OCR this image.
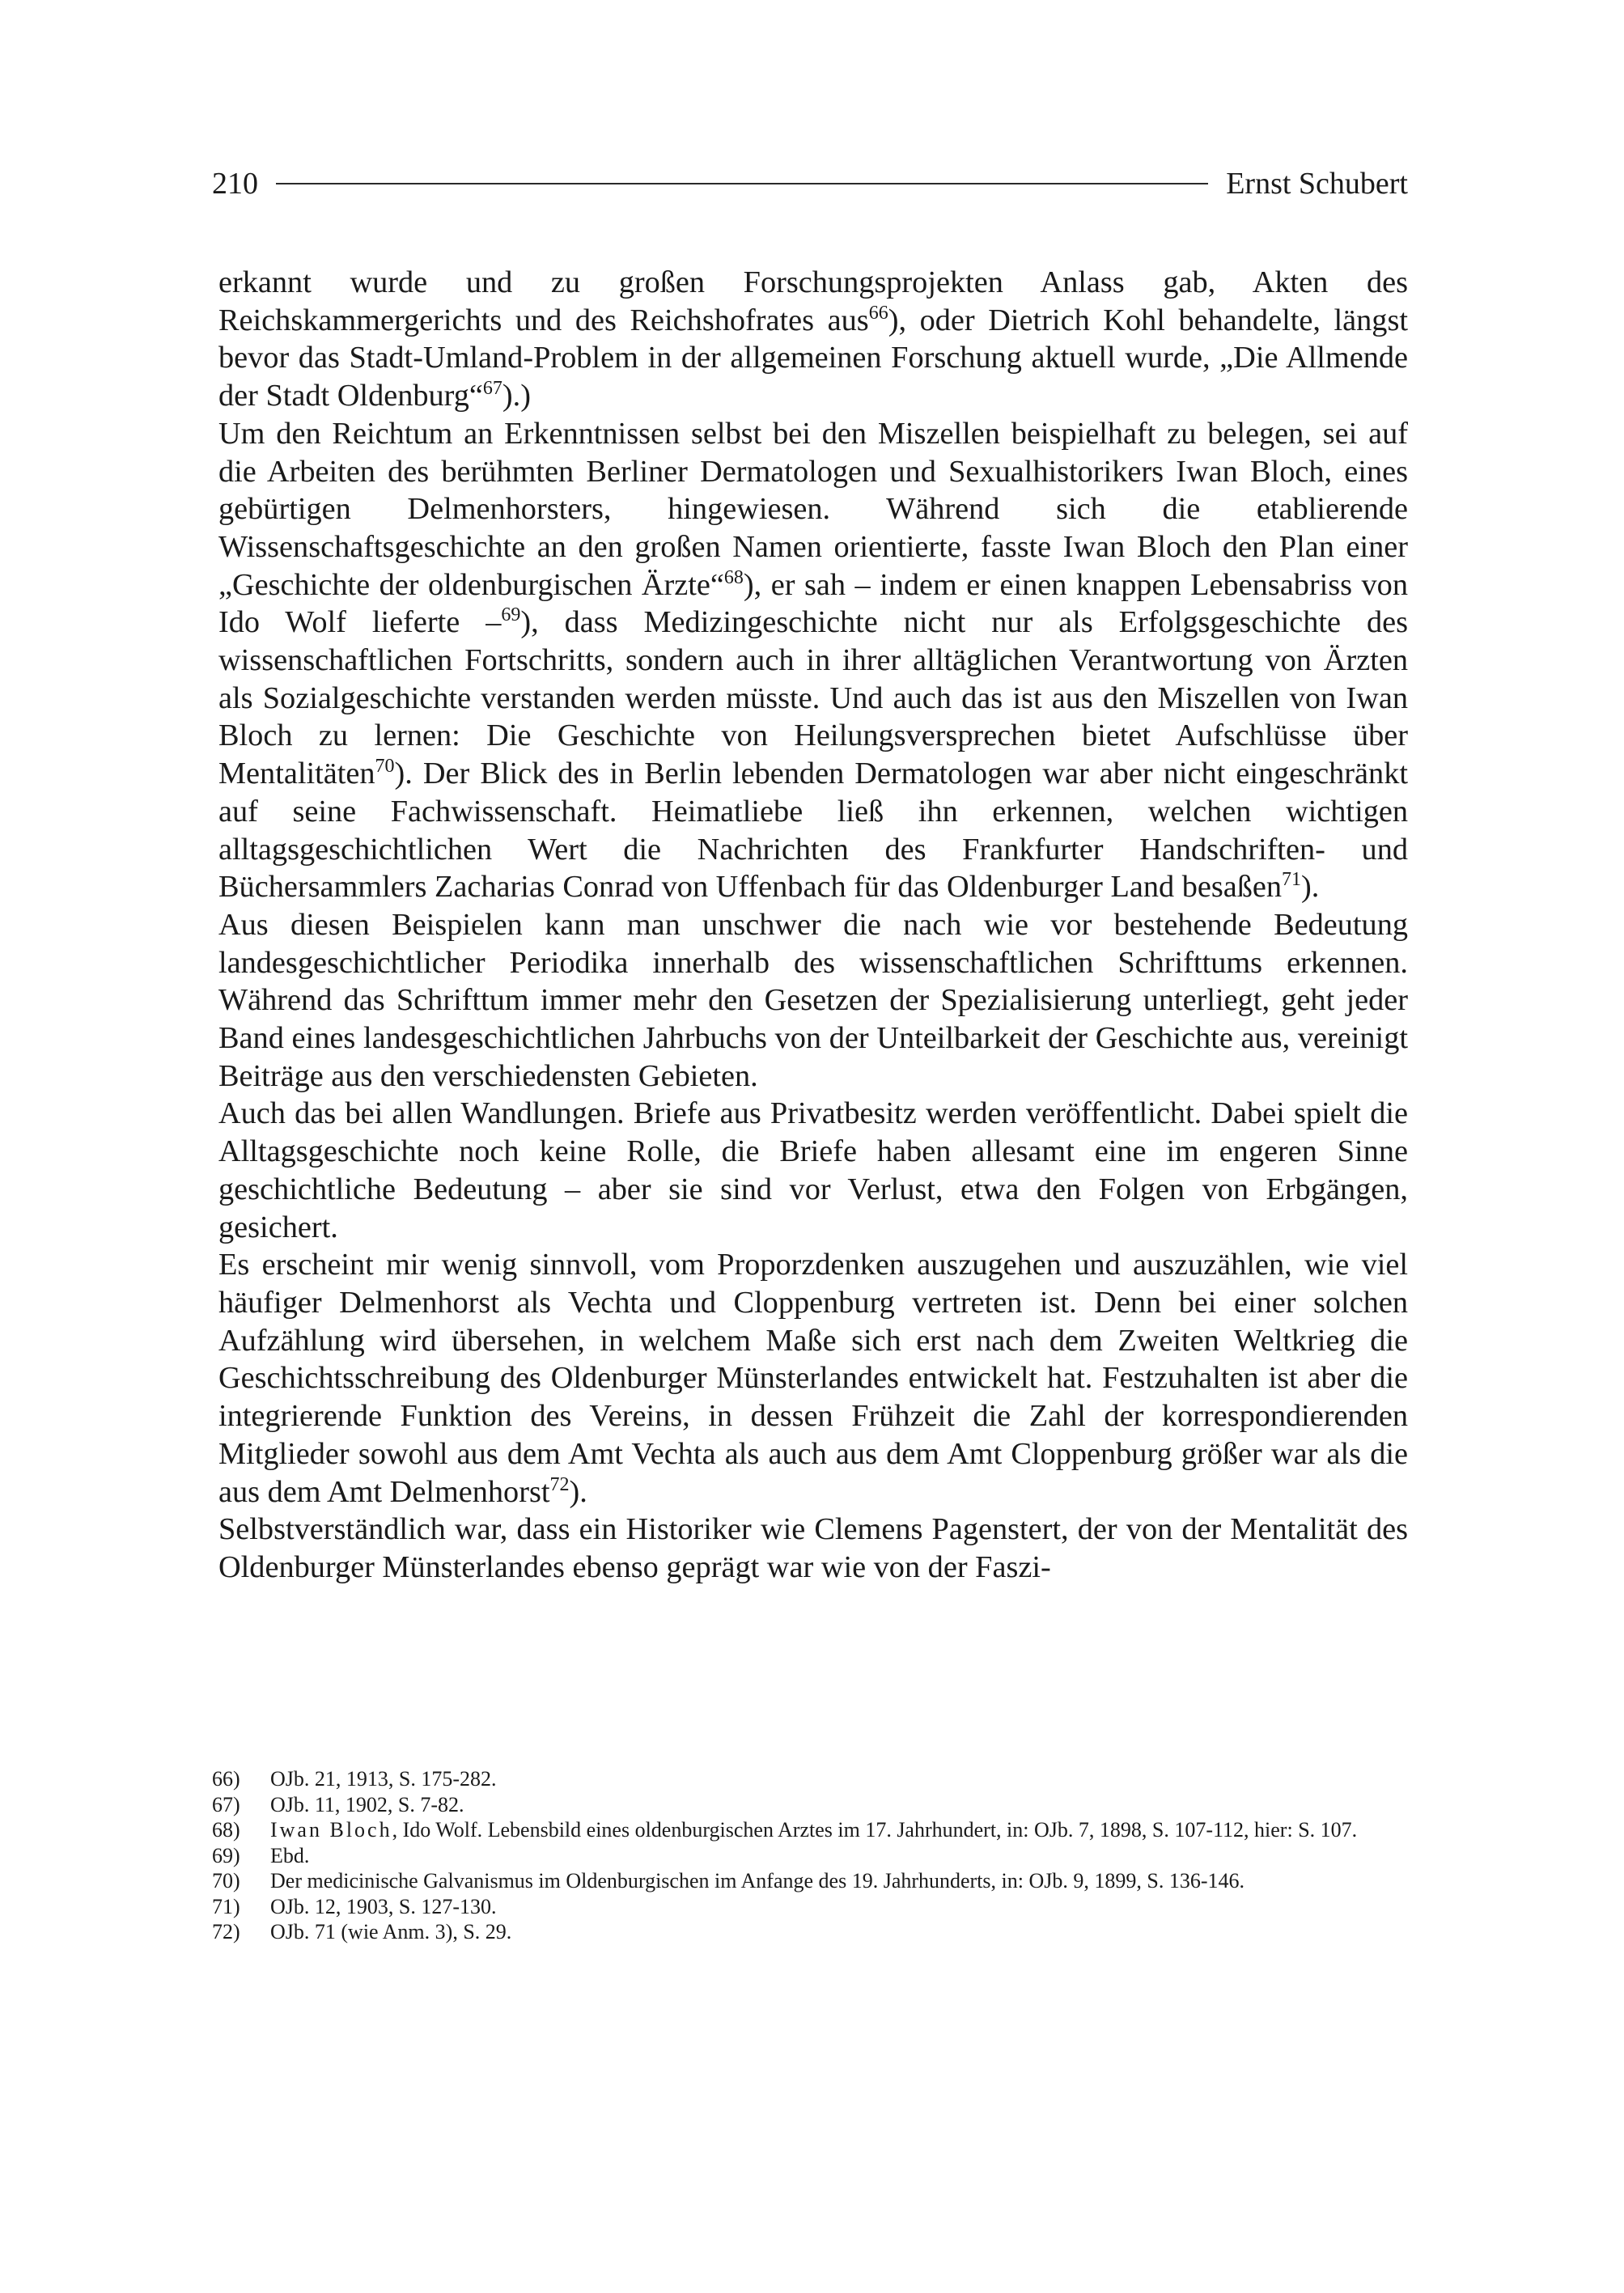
210	Ernst Schubert

erkannt wurde und zu großen Forschungsprojekten Anlass gab, Akten des Reichskammergerichts und des Reichshofrates aus$^{66}$), oder Dietrich Kohl behandelte, längst bevor das Stadt-Umland-Problem in der allgemeinen Forschung aktuell wurde, „Die Allmende der Stadt Oldenburg“$^{67}$).)

Um den Reichtum an Erkenntnissen selbst bei den Miszellen beispielhaft zu belegen, sei auf die Arbeiten des berühmten Berliner Dermatologen und Sexualhistorikers Iwan Bloch, eines gebürtigen Delmenhorsters, hingewiesen. Während sich die etablierende Wissenschaftsgeschichte an den großen Namen orientierte, fasste Iwan Bloch den Plan einer „Geschichte der oldenburgischen Ärzte“$^{68}$), er sah – indem er einen knappen Lebensabriss von Ido Wolf lieferte –$^{69}$), dass Medizingeschichte nicht nur als Erfolgsgeschichte des wissenschaftlichen Fortschritts, sondern auch in ihrer alltäglichen Verantwortung von Ärzten als Sozialgeschichte verstanden werden müsste. Und auch das ist aus den Miszellen von Iwan Bloch zu lernen: Die Geschichte von Heilungsversprechen bietet Aufschlüsse über Mentalitäten$^{70}$). Der Blick des in Berlin lebenden Dermatologen war aber nicht eingeschränkt auf seine Fachwissenschaft. Heimatliebe ließ ihn erkennen, welchen wichtigen alltagsgeschichtlichen Wert die Nachrichten des Frankfurter Handschriften- und Büchersammlers Zacharias Conrad von Uffenbach für das Oldenburger Land besaßen$^{71}$).

Aus diesen Beispielen kann man unschwer die nach wie vor bestehende Bedeutung landesgeschichtlicher Periodika innerhalb des wissenschaftlichen Schrifttums erkennen. Während das Schrifttum immer mehr den Gesetzen der Spezialisierung unterliegt, geht jeder Band eines landesgeschichtlichen Jahrbuchs von der Unteilbarkeit der Geschichte aus, vereinigt Beiträge aus den verschiedensten Gebieten.

Auch das bei allen Wandlungen. Briefe aus Privatbesitz werden veröffentlicht. Dabei spielt die Alltagsgeschichte noch keine Rolle, die Briefe haben allesamt eine im engeren Sinne geschichtliche Bedeutung – aber sie sind vor Verlust, etwa den Folgen von Erbgängen, gesichert.

Es erscheint mir wenig sinnvoll, vom Proporzdenken auszugehen und auszuzählen, wie viel häufiger Delmenhorst als Vechta und Cloppenburg vertreten ist. Denn bei einer solchen Aufzählung wird übersehen, in welchem Maße sich erst nach dem Zweiten Weltkrieg die Geschichtsschreibung des Oldenburger Münsterlandes entwickelt hat. Festzuhalten ist aber die integrierende Funktion des Vereins, in dessen Frühzeit die Zahl der korrespondierenden Mitglieder sowohl aus dem Amt Vechta als auch aus dem Amt Cloppenburg größer war als die aus dem Amt Delmenhorst$^{72}$).

Selbstverständlich war, dass ein Historiker wie Clemens Pagenstert, der von der Mentalität des Oldenburger Münsterlandes ebenso geprägt war wie von der Faszi-

66)	OJb. 21, 1913, S. 175-282.

67)	OJb. 11, 1902, S. 7-82.

68)	Iwan Bloch, Ido Wolf. Lebensbild eines oldenburgischen Arztes im 17. Jahrhundert, in: OJb. 7, 1898, S. 107-112, hier: S. 107.

69)	Ebd.

70)	Der medicinische Galvanismus im Oldenburgischen im Anfange des 19. Jahrhunderts, in: OJb. 9, 1899, S. 136-146.

71)	OJb. 12, 1903, S. 127-130.

72)	OJb. 71 (wie Anm. 3), S. 29.
